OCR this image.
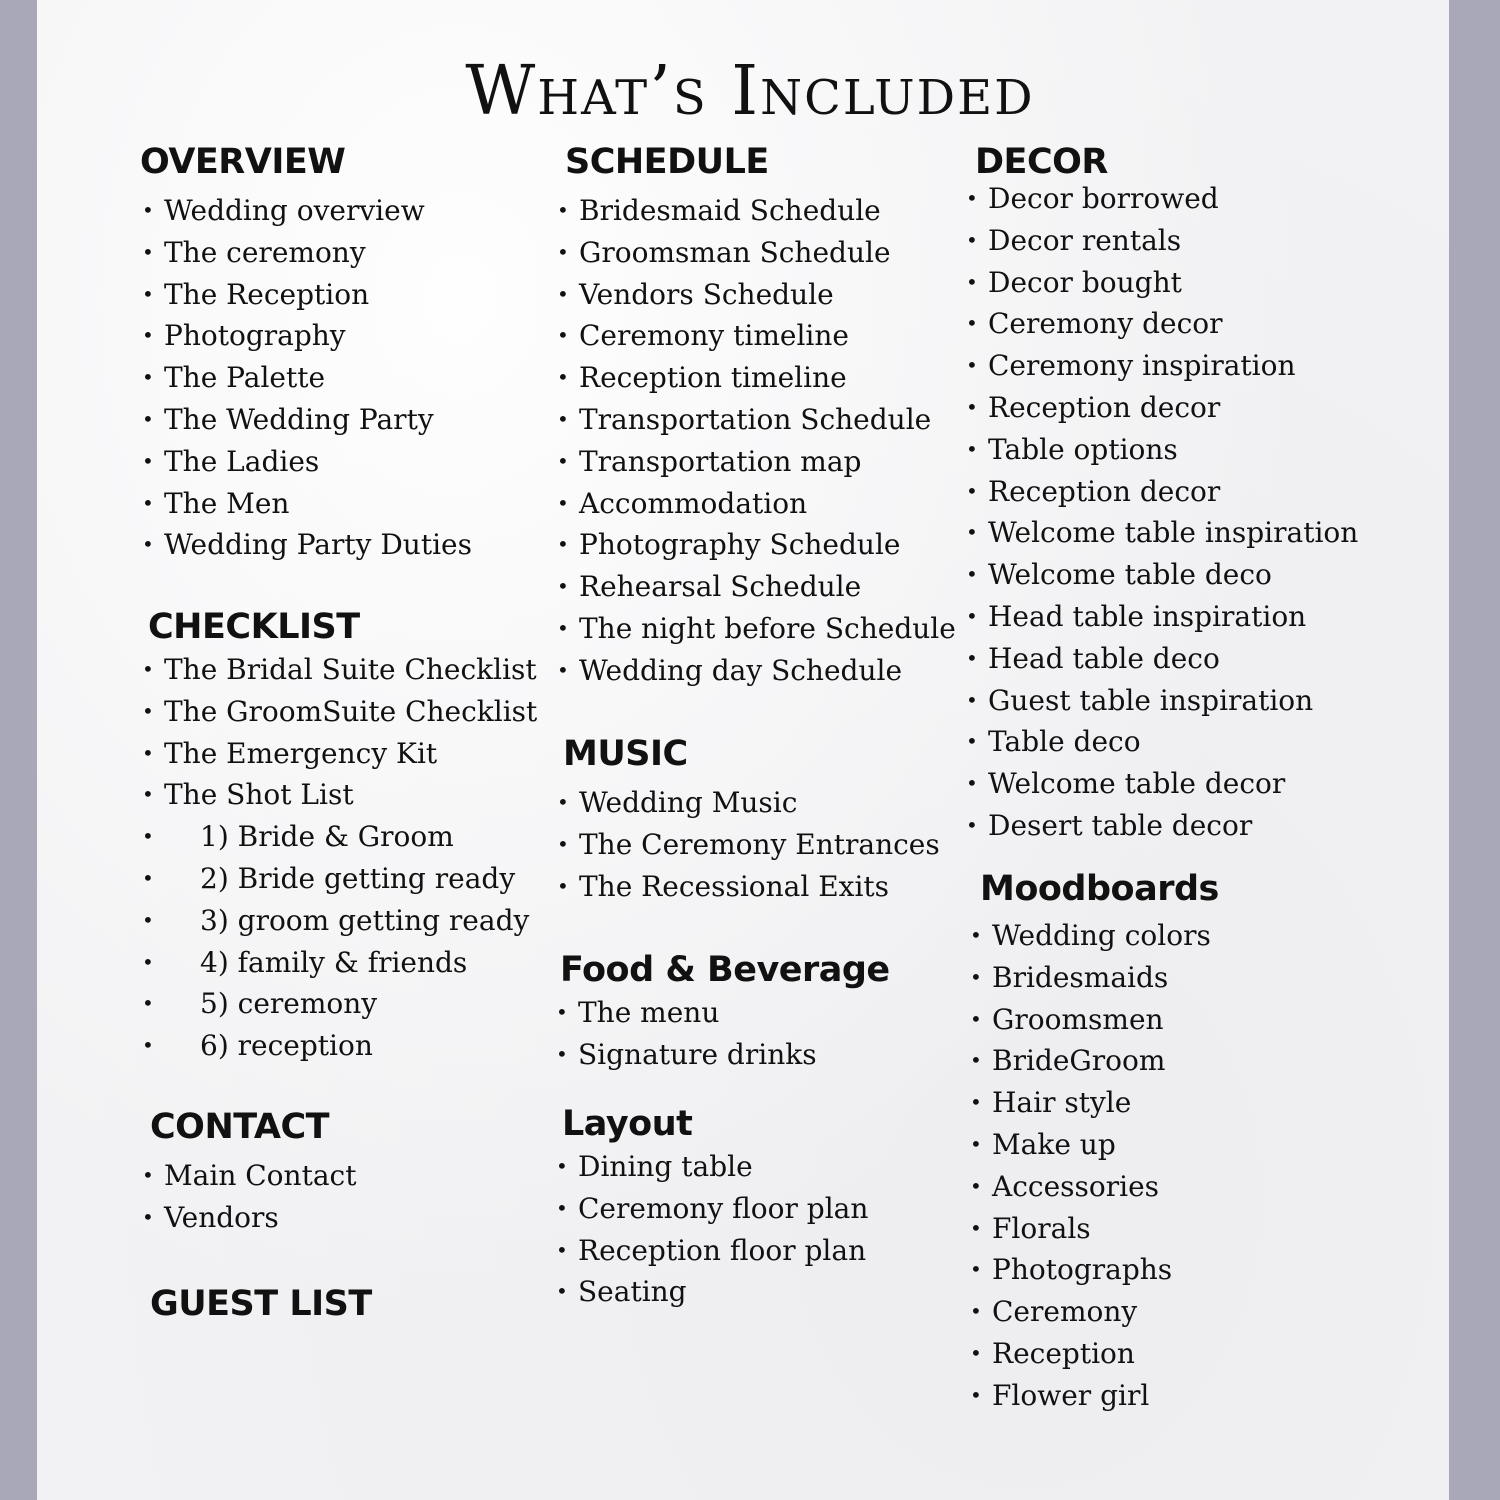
What’s Included
OVERVIEW
• Wedding overview
• The ceremony
• The Reception
• Photography
• The Palette
• The Wedding Party
• The Ladies
• The Men
• Wedding Party Duties
CHECKLIST
• The Bridal Suite Checklist
• The GroomSuite Checklist
• The Emergency Kit
• The Shot List
• 1) Bride & Groom
• 2) Bride getting ready
• 3) groom getting ready
• 4) family & friends
• 5) ceremony
• 6) reception
CONTACT
• Main Contact
• Vendors
GUEST LIST
SCHEDULE
• Bridesmaid Schedule
• Groomsman Schedule
• Vendors Schedule
• Ceremony timeline
• Reception timeline
• Transportation Schedule
• Transportation map
• Accommodation
• Photography Schedule
• Rehearsal Schedule
• The night before Schedule
• Wedding day Schedule
MUSIC
• Wedding Music
• The Ceremony Entrances
• The Recessional Exits
Food & Beverage
• The menu
• Signature drinks
Layout
• Dining table
• Ceremony floor plan
• Reception floor plan
• Seating
DECOR
• Decor borrowed
• Decor rentals
• Decor bought
• Ceremony decor
• Ceremony inspiration
• Reception decor
• Table options
• Reception decor
• Welcome table inspiration
• Welcome table deco
• Head table inspiration
• Head table deco
• Guest table inspiration
• Table deco
• Welcome table decor
• Desert table decor
Moodboards
• Wedding colors
• Bridesmaids
• Groomsmen
• BrideGroom
• Hair style
• Make up
• Accessories
• Florals
• Photographs
• Ceremony
• Reception
• Flower girl
